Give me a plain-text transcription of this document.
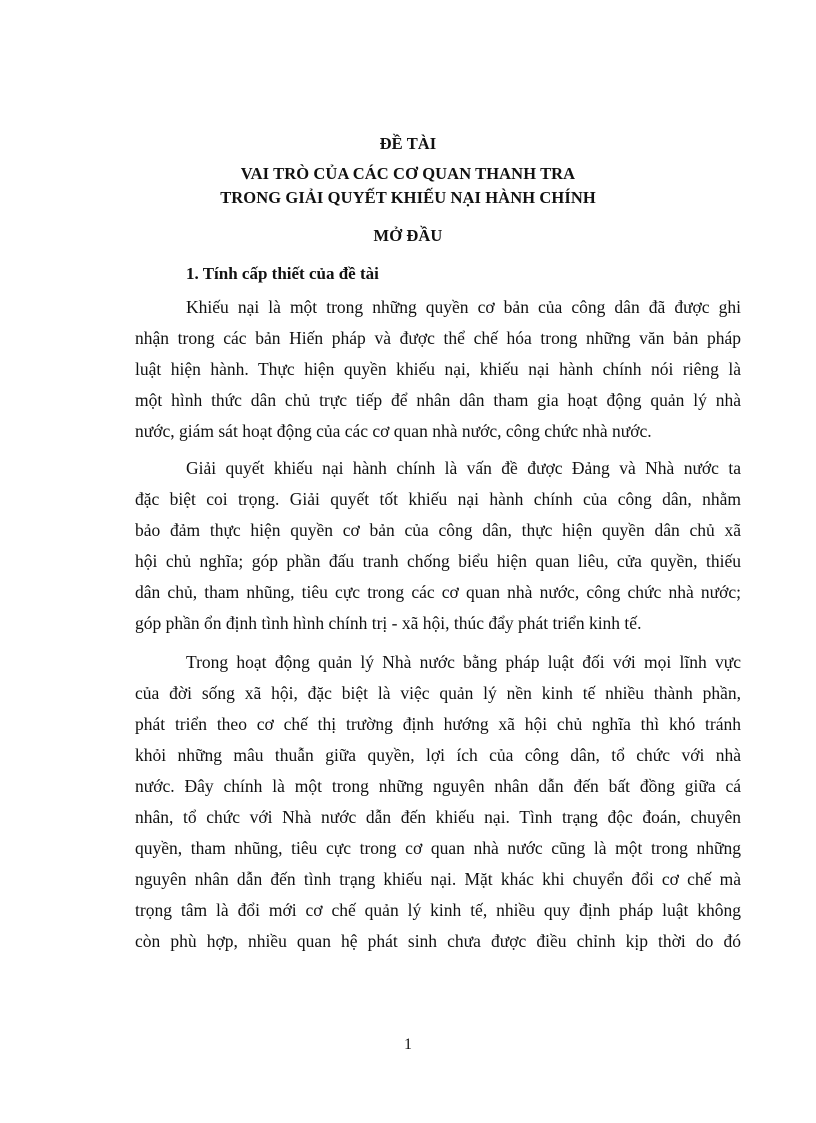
ĐỀ TÀI
VAI TRÒ CỦA CÁC CƠ QUAN THANH TRA
TRONG GIẢI QUYẾT KHIẾU NẠI HÀNH CHÍNH
MỞ ĐẦU
1. Tính cấp thiết của đề tài
Khiếu nại là một trong những quyền cơ bản của công dân đã được ghi
nhận trong các bản Hiến pháp và được thể chế hóa trong những văn bản pháp
luật hiện hành. Thực hiện quyền khiếu nại, khiếu nại hành chính nói riêng là
một hình thức dân chủ trực tiếp để nhân dân tham gia hoạt động quản lý nhà
nước, giám sát hoạt động của các cơ quan nhà nước, công chức nhà nước.
Giải quyết khiếu nại hành chính là vấn đề được Đảng và Nhà nước ta
đặc biệt coi trọng. Giải quyết tốt khiếu nại hành chính của công dân, nhằm
bảo đảm thực hiện quyền cơ bản của công dân, thực hiện quyền dân chủ xã
hội chủ nghĩa; góp phần đấu tranh chống biểu hiện quan liêu, cửa quyền, thiếu
dân chủ, tham nhũng, tiêu cực trong các cơ quan nhà nước, công chức nhà nước;
góp phần ổn định tình hình chính trị - xã hội, thúc đẩy phát triển kinh tế.
Trong hoạt động quản lý Nhà nước bằng pháp luật đối với mọi lĩnh vực
của đời sống xã hội, đặc biệt là việc quản lý nền kinh tế nhiều thành phần,
phát triển theo cơ chế thị trường định hướng xã hội chủ nghĩa thì khó tránh
khỏi những mâu thuẫn giữa quyền, lợi ích của công dân, tổ chức với nhà
nước. Đây chính là một trong những nguyên nhân dẫn đến bất đồng giữa cá
nhân, tổ chức với Nhà nước dẫn đến khiếu nại. Tình trạng độc đoán, chuyên
quyền, tham nhũng, tiêu cực trong cơ quan nhà nước cũng là một trong những
nguyên nhân dẫn đến tình trạng khiếu nại. Mặt khác khi chuyển đổi cơ chế mà
trọng tâm là đổi mới cơ chế quản lý kinh tế, nhiều quy định pháp luật không
còn phù hợp, nhiều quan hệ phát sinh chưa được điều chỉnh kịp thời do đó
1
